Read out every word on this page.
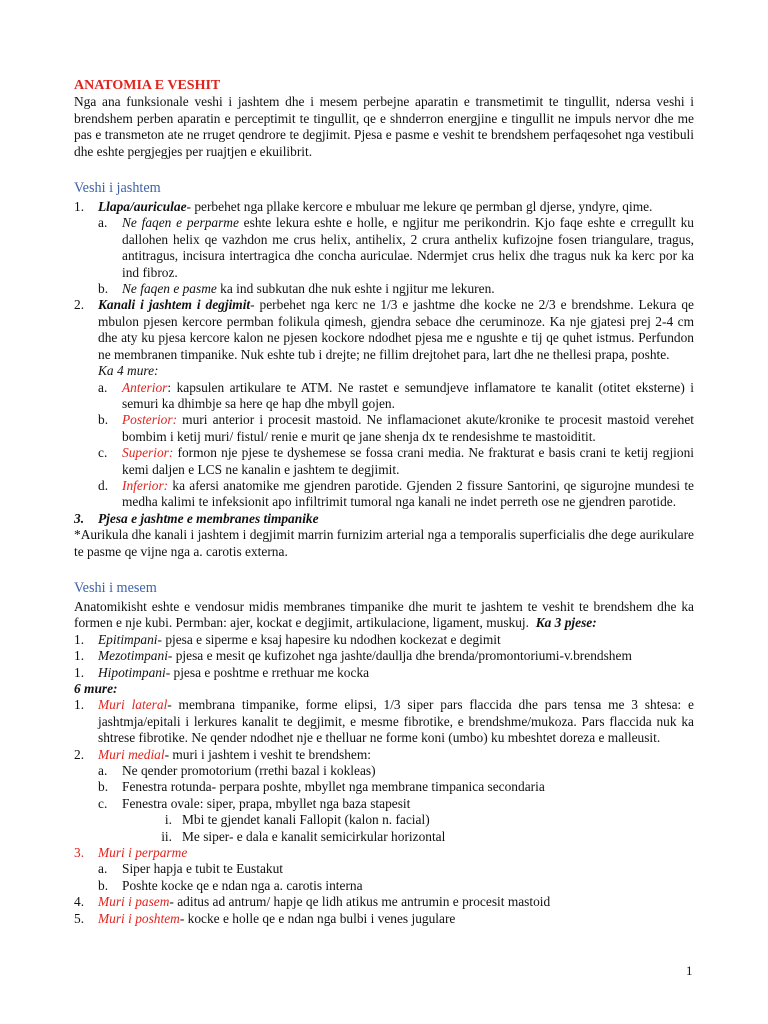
ANATOMIA E VESHIT

Nga ana funksionale veshi i jashtem dhe i mesem perbejne aparatin e transmetimit te tingullit, ndersa veshi i brendshem perben aparatin e perceptimit te tingullit, qe e shnderron energjine e tingullit ne impuls nervor dhe me pas e transmeton ate ne rruget qendrore te degjimit. Pjesa e pasme e veshit te brendshem perfaqesohet nga vestibuli dhe eshte pergjegjes per ruajtjen e ekuilibrit.

Veshi i jashtem
1.	Llapa/auriculae- perbehet nga pllake kercore e mbuluar me lekure qe permban gl djerse, yndyre, qime.
a.	Ne faqen e perparme eshte lekura eshte e holle, e ngjitur me perikondrin. Kjo faqe eshte e crregullt ku dallohen helix qe vazhdon me crus helix, antihelix, 2 crura anthelix kufizojne fosen triangulare, tragus, antitragus, incisura intertragica dhe concha auriculae. Ndermjet crus helix dhe tragus nuk ka kerc por ka ind fibroz.
b.	Ne faqen e pasme ka ind subkutan dhe nuk eshte i ngjitur me lekuren.
2.	Kanali i jashtem i degjimit- perbehet nga kerc ne 1/3 e jashtme dhe kocke ne 2/3 e brendshme. Lekura qe mbulon pjesen kercore permban folikula qimesh, gjendra sebace dhe ceruminoze. Ka nje gjatesi prej 2-4 cm dhe aty ku pjesa kercore kalon ne pjesen kockore ndodhet pjesa me e ngushte e tij qe quhet istmus. Perfundon ne membranen timpanike. Nuk eshte tub i drejte; ne fillim drejtohet para, lart dhe ne thellesi prapa, poshte.
Ka 4 mure:
a.	Anterior: kapsulen artikulare te ATM. Ne rastet e semundjeve inflamatore te kanalit (otitet eksterne) i semuri ka dhimbje sa here qe hap dhe mbyll gojen.
b.	Posterior: muri anterior i procesit mastoid. Ne inflamacionet akute/kronike te procesit mastoid verehet bombim i ketij muri/ fistul/ renie e murit qe jane shenja dx te rendesishme te mastoiditit.
c.	Superior: formon nje pjese te dyshemese se fossa crani media. Ne frakturat e basis crani te ketij regjioni kemi daljen e LCS ne kanalin e jashtem te degjimit.
d.	Inferior: ka afersi anatomike me gjendren parotide. Gjenden 2 fissure Santorini, qe sigurojne mundesi te medha kalimi te infeksionit apo infiltrimit tumoral nga kanali ne indet perreth ose ne gjendren parotide.
3.	Pjesa e jashtme e membranes timpanike

*Aurikula dhe kanali i jashtem i degjimit marrin furnizim arterial nga a temporalis superficialis dhe dege aurikulare te pasme qe vijne nga a. carotis externa.

Veshi i mesem

Anatomikisht eshte e vendosur midis membranes timpanike dhe murit te jashtem te veshit te brendshem dhe ka formen e nje kubi. Permban: ajer, kockat e degjimit, artikulacione, ligament, muskuj. Ka 3 pjese:

1.	Epitimpani- pjesa e siperme e ksaj hapesire ku ndodhen kockezat e degimit
1.	Mezotimpani- pjesa e mesit qe kufizohet nga jashte/daullja dhe brenda/promontoriumi-v.brendshem
1.	Hipotimpani- pjesa e poshtme e rrethuar me kocka
6 mure:
1.	Muri lateral- membrana timpanike, forme elipsi, 1/3 siper pars flaccida dhe pars tensa me 3 shtesa: e jashtmja/epitali i lerkures kanalit te degjimit, e mesme fibrotike, e brendshme/mukoza. Pars flaccida nuk ka shtrese fibrotike. Ne qender ndodhet nje e thelluar ne forme koni (umbo) ku mbeshtet doreza e malleusit.
2.	Muri medial- muri i jashtem i veshit te brendshem:
a.	Ne qender promotorium (rrethi bazal i kokleas)
b.	Fenestra rotunda- perpara poshte, mbyllet nga membrane timpanica secondaria
c.	Fenestra ovale: siper, prapa, mbyllet nga baza stapesit
i. Mbi te gjendet kanali Fallopit (kalon n. facial)
ii. Me siper- e dala e kanalit semicirkular horizontal
3.	Muri i perparme
a.	Siper hapja e tubit te Eustakut
b.	Poshte kocke qe e ndan nga a. carotis interna
4.	Muri i pasem- aditus ad antrum/ hapje qe lidh atikus me antrumin e procesit mastoid
5.	Muri i poshtem- kocke e holle qe e ndan nga bulbi i venes jugulare
1
